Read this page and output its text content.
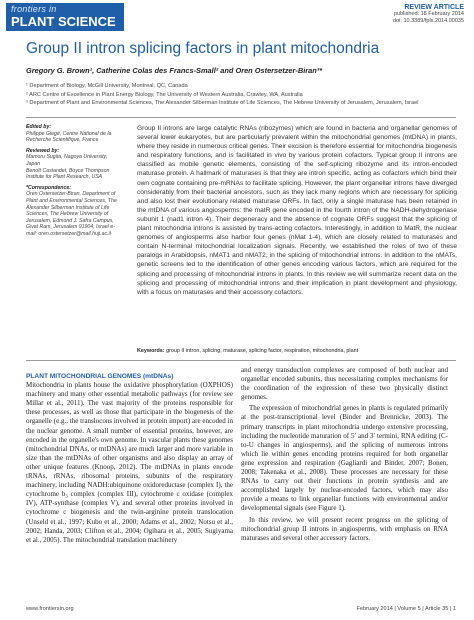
frontiers in
PLANT SCIENCE
REVIEW ARTICLE
published: 18 February 2014
doi: 10.3389/fpls.2014.00035
Group II intron splicing factors in plant mitochondria
Gregory G. Brown¹, Catherine Colas des Francs-Small² and Oren Ostersetzer-Biran³*
¹ Department of Biology, McGill University, Montreal, QC, Canada
² ARC Centre of Excellence in Plant Energy Biology, The University of Western Australia, Crawley, WA, Australia
³ Department of Plant and Environmental Sciences, The Alexander Silberman Institute of Life Sciences, The Hebrew University of Jerusalem, Jerusalem, Israel
Edited by:
Philippe Giegé, Centre National de la Recherche Scientifique, France
Reviewed by:
Mamoru Sugita, Nagoya University, Japan
Benoît Castandet, Boyce Thompson Institute for Plant Research, USA
*Correspondence:
Oren Ostersetzer-Biran, Department of Plant and Environmental Sciences, The Alexander Silberman Institute of Life Sciences, The Hebrew University of Jerusalem, Edmond J. Safra Campus, Givat Ram, Jerusalem 91904, Israel e-mail: oren.ostersetzer@mail.huji.ac.il
Group II introns are large catalytic RNAs (ribozymes) which are found in bacteria and organellar genomes of several lower eukaryotes, but are particularly prevalent within the mitochondrial genomes (mtDNA) in plants, where they reside in numerous critical genes. Their excision is therefore essential for mitochondria biogenesis and respiratory functions, and is facilitated in vivo by various protein cofactors. Typical group II introns are classified as mobile genetic elements, consisting of the self-splicing ribozyme and its intron-encoded maturase protein. A hallmark of maturases is that they are intron specific, acting as cofactors which bind their own cognate containing pre-mRNAs to facilitate splicing. However, the plant organellar introns have diverged considerably from their bacterial ancestors, such as they lack many regions which are necessary for splicing and also lost their evolutionary related maturase ORFs. In fact, only a single maturase has been retained in the mtDNA of various angiosperms: the matR gene encoded in the fourth intron of the NADH-dehydrogenase subunit 1 (nad1 intron 4). Their degeneracy and the absence of cognate ORFs suggest that the splicing of plant mitochondria introns is assisted by trans-acting cofactors. Interestingly, in addition to MatR, the nuclear genomes of angiosperms also harbor four genes (nMat 1-4), which are closely related to maturases and contain N-terminal mitochondrial localization signals. Recently, we established the roles of two of these paralogs in Arabidopsis, nMAT1 and nMAT2, in the splicing of mitochondrial introns. In addition to the nMATs, genetic screens led to the identification of other genes encoding various factors, which are required for the splicing and processing of mitochondrial introns in plants. In this review we will summarize recent data on the splicing and processing of mitochondrial introns and their implication in plant development and physiology, with a focus on maturases and their accessory cofactors.
Keywords: group II intron, splicing, maturase, splicing factor, respiration, mitochondria, plant
PLANT MITOCHONDRIAL GENOMES (mtDNAs)

Mitochondria in plants house the oxidative phosphorylation (OXPHOS) machinery and many other essential metabolic pathways (for review see Millar et al., 2011). The vast majority of the proteins responsible for these processes, as well as those that participate in the biogenesis of the organelle (e.g., the translocons involved in protein import) are encoded in the nuclear genome. A small number of essential proteins, however, are encoded in the organelle's own genome. In vascular plants these genomes (mitochondrial DNAs, or mtDNAs) are much larger and more variable in size than the mtDNAs of other organisms and also display an array of other unique features (Knoop, 2012). The mtDNAs in plants encode tRNAs, rRNAs, ribosomal proteins, subunits of the respiratory machinery, including NADH:ubiquinone oxidoreductase (complex I), the cytochrome b₃ complex (complex III), cytochrome c oxidase (complex IV), ATP-synthase (complex V), and several other proteins involved in cytochrome c biogenesis and the twin-arginine protein translocation (Unseld et al., 1997; Kubo et al., 2000; Adams et al., 2002; Notsu et al., 2002; Handa, 2003; Clifton et al., 2004; Ogihara et al., 2005; Sugiyama et al., 2005). The mitochondrial translation machinery

and energy transduction complexes are composed of both nuclear and organellar encoded subunits, thus necessitating complex mechanisms for the coordination of the expression of these two physically distinct genomes.

The expression of mitochondrial genes in plants is regulated primarily at the post-transcriptional level (Binder and Brennicke, 2003). The primary transcripts in plant mitochondria undergo extensive processing, including the nucleotide maturation of 5′ and 3′ termini, RNA editing (C-to-U changes in angiosperms), and the splicing of numerous introns which lie within genes encoding proteins required for both organellar gene expression and respiration (Gagliardi and Binder, 2007; Bonen, 2008; Takenaka et al., 2008). These processes are necessary for these RNAs to carry out their functions in protein synthesis and are accomplished largely by nuclear-encoded factors, which may also provide a means to link organellar functions with environmental and/or developmental signals (see Figure 1).

In this review, we will present recent progress on the splicing of mitochondrial group II introns in angiosperms, with emphasis on RNA maturases and several other accessory factors.

www.frontiersin.org	February 2014 | Volume 5 | Article 35 | 1
